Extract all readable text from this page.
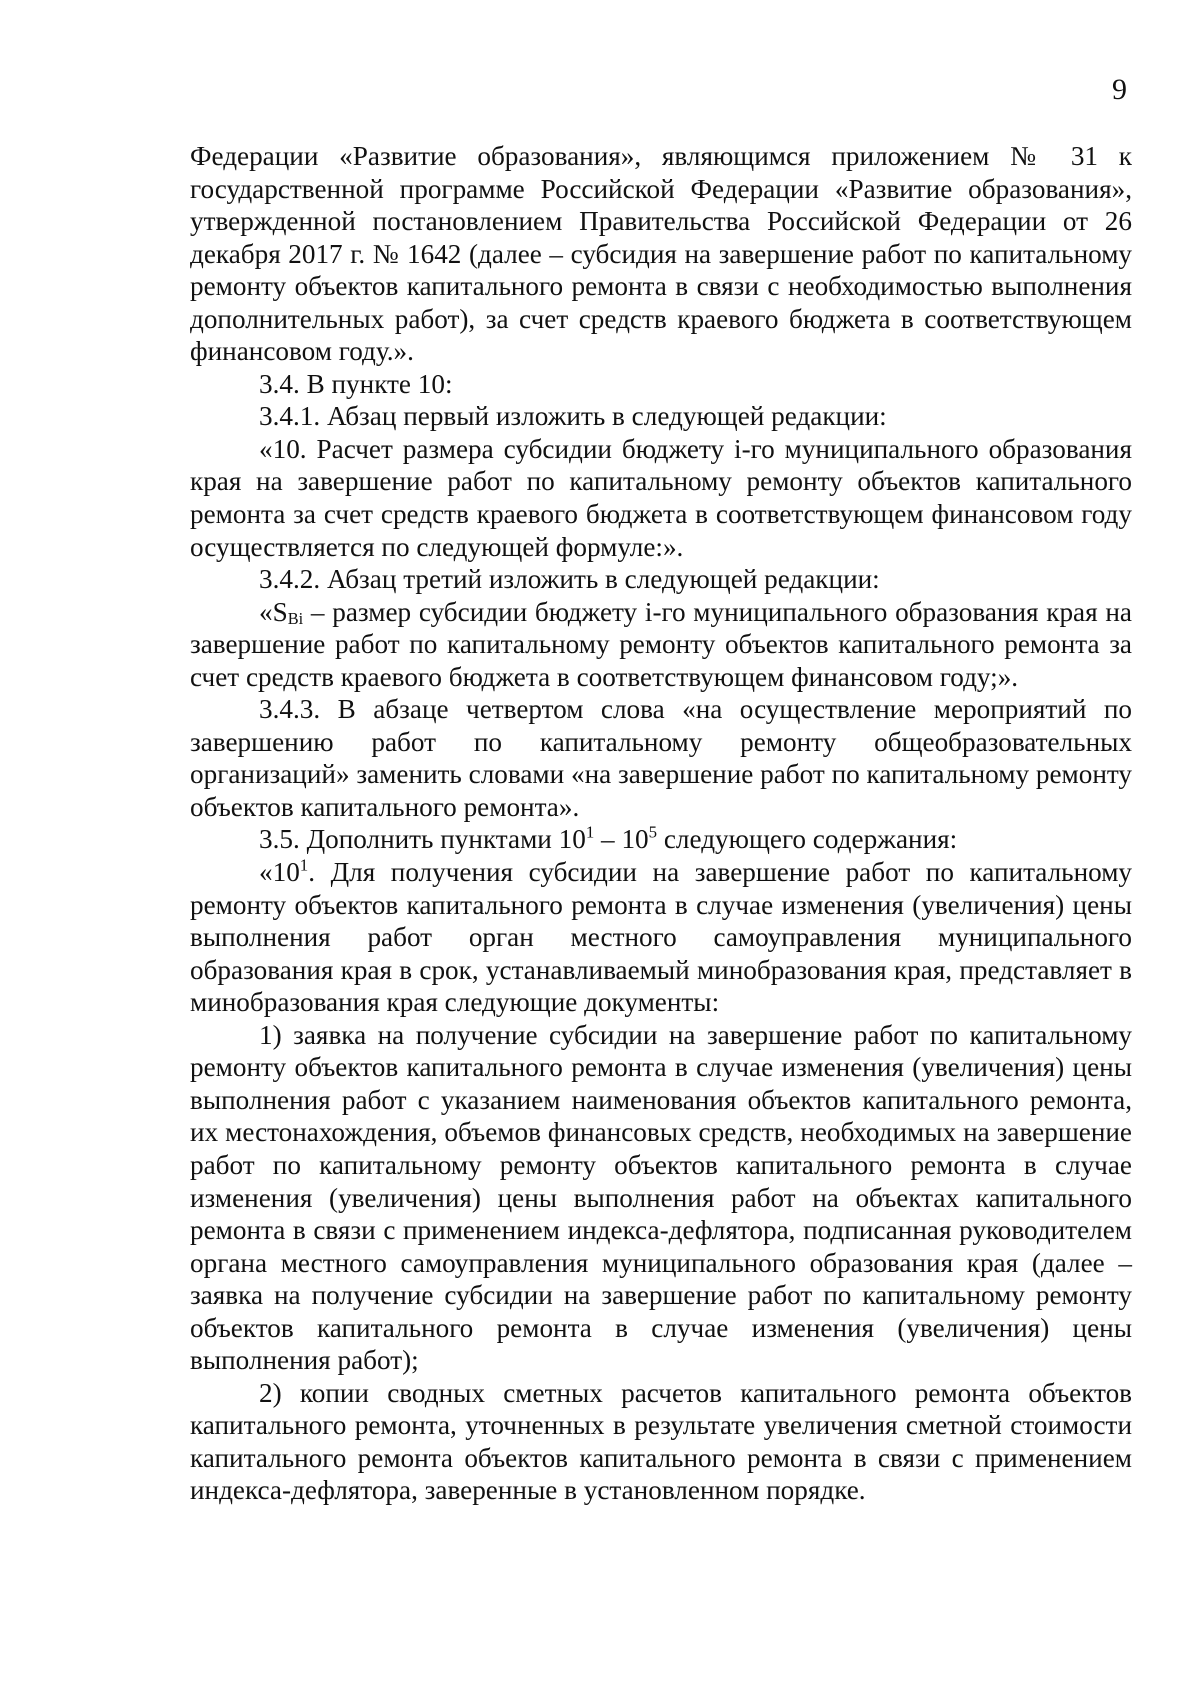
9

Федерации «Развитие образования», являющимся приложением № 31 к государственной программе Российской Федерации «Развитие образования», утвержденной постановлением Правительства Российской Федерации от 26 декабря 2017 г. № 1642 (далее – субсидия на завершение работ по капитальному ремонту объектов капитального ремонта в связи с необходимостью выполнения дополнительных работ), за счет средств краевого бюджета в соответствующем финансовом году.».

3.4. В пункте 10:

3.4.1. Абзац первый изложить в следующей редакции:

«10. Расчет размера субсидии бюджету i-го муниципального образования края на завершение работ по капитальному ремонту объектов капитального ремонта за счет средств краевого бюджета в соответствующем финансовом году осуществляется по следующей формуле:».

3.4.2. Абзац третий изложить в следующей редакции:

«$S_{Bi}$ – размер субсидии бюджету i-го муниципального образования края на завершение работ по капитальному ремонту объектов капитального ремонта за счет средств краевого бюджета в соответствующем финансовом году;».

3.4.3. В абзаце четвертом слова «на осуществление мероприятий по завершению работ по капитальному ремонту общеобразовательных организаций» заменить словами «на завершение работ по капитальному ремонту объектов капитального ремонта».

3.5. Дополнить пунктами $10^1 - 10^5$ следующего содержания:

«$10^1$. Для получения субсидии на завершение работ по капитальному ремонту объектов капитального ремонта в случае изменения (увеличения) цены выполнения работ орган местного самоуправления муниципального образования края в срок, устанавливаемый минобразования края, представляет в минобразования края следующие документы:

1) заявка на получение субсидии на завершение работ по капитальному ремонту объектов капитального ремонта в случае изменения (увеличения) цены выполнения работ с указанием наименования объектов капитального ремонта, их местонахождения, объемов финансовых средств, необходимых на завершение работ по капитальному ремонту объектов капитального ремонта в случае изменения (увеличения) цены выполнения работ на объектах капитального ремонта в связи с применением индекса-дефлятора, подписанная руководителем органа местного самоуправления муниципального образования края (далее – заявка на получение субсидии на завершение работ по капитальному ремонту объектов капитального ремонта в случае изменения (увеличения) цены выполнения работ);

2) копии сводных сметных расчетов капитального ремонта объектов капитального ремонта, уточненных в результате увеличения сметной стоимости капитального ремонта объектов капитального ремонта в связи с применением индекса-дефлятора, заверенные в установленном порядке.
